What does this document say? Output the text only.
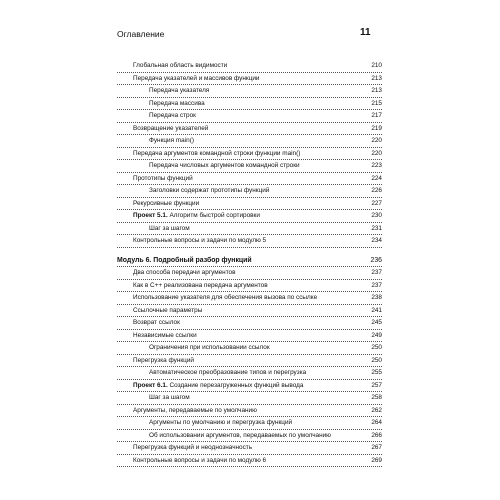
Оглавление	11
Глобальная область видимости	210
Передача указателей и массивов функции	213
Передача указателя	213
Передача массива	215
Передача строк	217
Возвращение указателей	219
Функция main()	220
Передача аргументов командной строки функции main()	220
Передача числовых аргументов командной строки	223
Прототипы функций	224
Заголовки содержат прототипы функций	226
Рекурсивные функции	227
Проект 5.1. Алгоритм быстрой сортировки	230
Шаг за шагом	231
Контрольные вопросы и задачи по модулю 5	234
Модуль 6. Подробный разбор функций	236
Два способа передачи аргументов	237
Как в C++ реализована передача аргументов	237
Использование указателя для обеспечения вызова по ссылке	238
Ссылочные параметры	241
Возврат ссылок	245
Независимые ссылки	249
Ограничения при использовании ссылок	250
Перегрузка функций	250
Автоматическое преобразование типов и перегрузка	255
Проект 6.1. Создание перезагруженных функций вывода	257
Шаг за шагом	258
Аргументы, передаваемые по умолчанию	262
Аргументы по умолчанию и перегрузка функций	264
Об использовании аргументов, передаваемых по умолчанию	266
Перегрузка функций и неоднозначность	267
Контрольные вопросы и задачи по модулю 6	269
